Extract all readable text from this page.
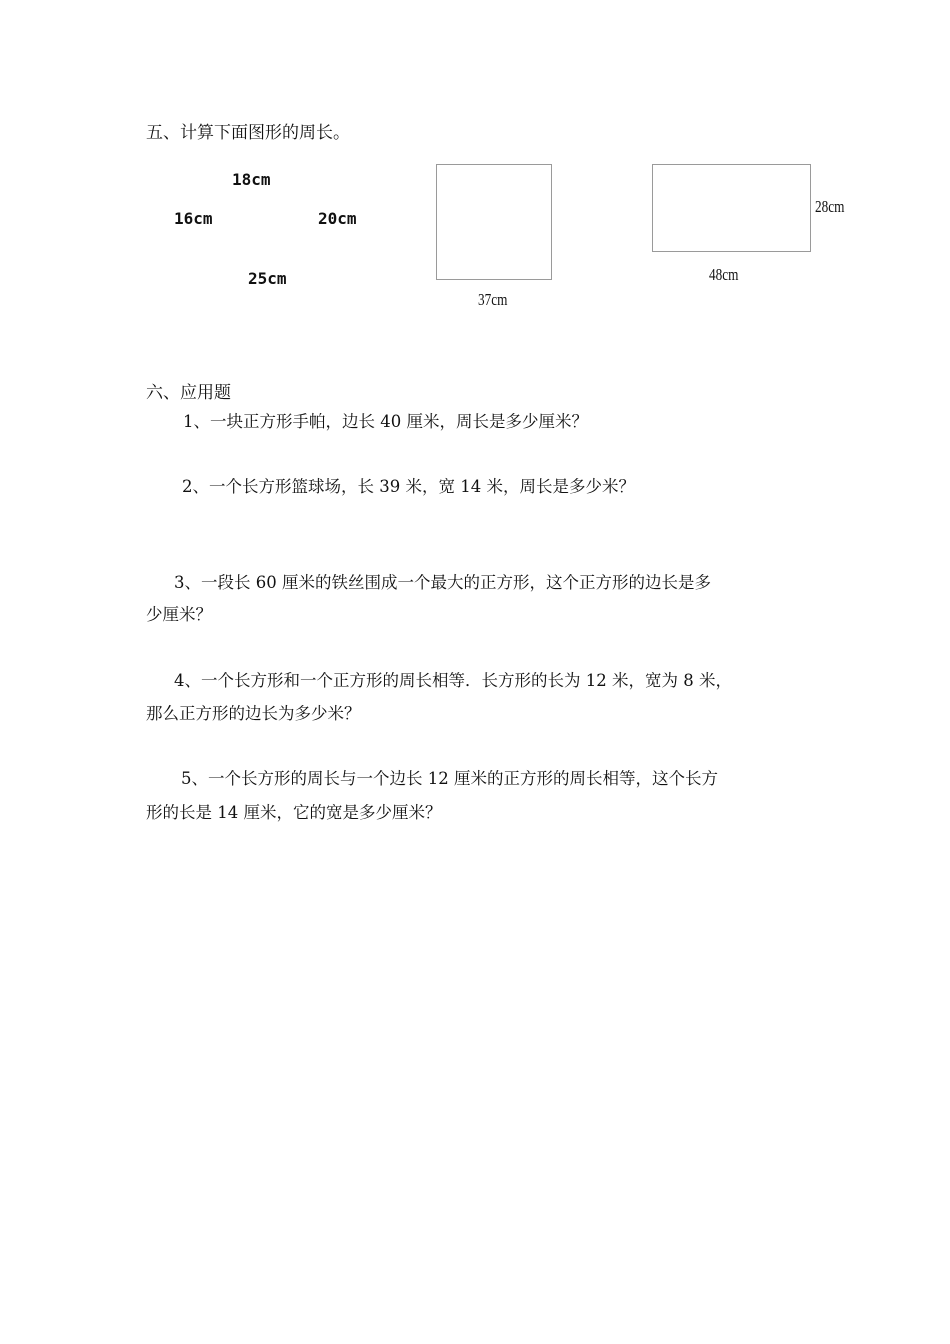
五、计算下面图形的周长。
18cm
16cm	20cm
25cm
37cm
28cm
48cm
六、应用题
1、一块正方形手帕，边长 40 厘米，周长是多少厘米？
2、一个长方形篮球场，长 39 米，宽 14 米，周长是多少米？
3、一段长 60 厘米的铁丝围成一个最大的正方形，这个正方形的边长是多
少厘米？
4、一个长方形和一个正方形的周长相等．长方形的长为 12 米，宽为 8 米，
那么正方形的边长为多少米？
5、一个长方形的周长与一个边长 12 厘米的正方形的周长相等，这个长方
形的长是 14 厘米，它的宽是多少厘米？
